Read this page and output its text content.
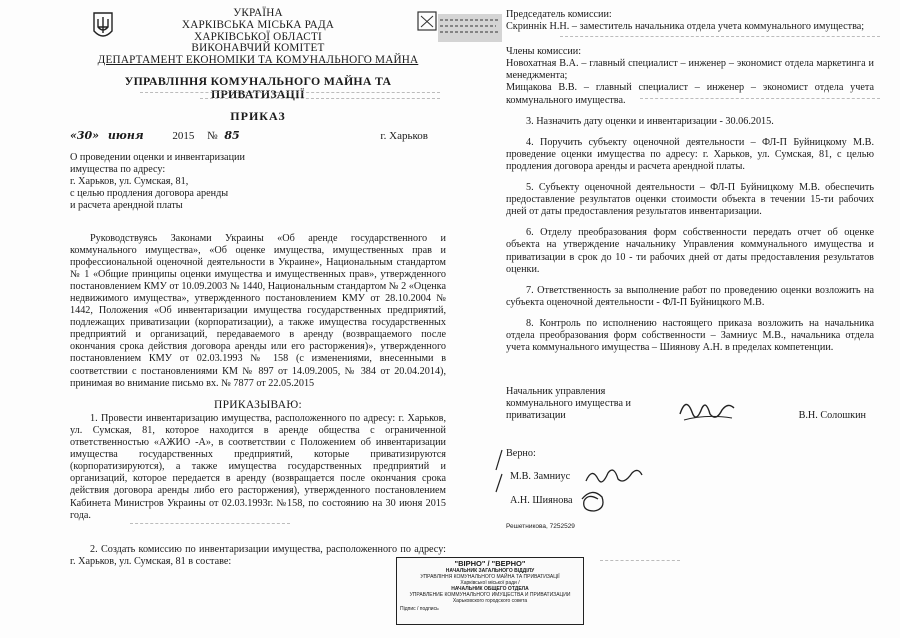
УКРАЇНА
ХАРКІВСЬКА МІСЬКА РАДА
ХАРКІВСЬКОЇ ОБЛАСТІ
ВИКОНАВЧИЙ КОМІТЕТ
ДЕПАРТАМЕНТ ЕКОНОМІКИ ТА КОМУНАЛЬНОГО МАЙНА
УПРАВЛІННЯ КОМУНАЛЬНОГО МАЙНА ТА
ПРИВАТИЗАЦІЇ
ПРИКАЗ
«30» июня	2015 № 85	г. Харьков
О проведении оценки и инвентаризации
имущества по адресу:
г. Харьков, ул. Сумская, 81,
с целью продления договора аренды
и расчета арендной платы
Руководствуясь Законами Украины «Об аренде государственного и коммунального имущества», «Об оценке имущества, имущественных прав и профессиональной оценочной деятельности в Украине», Национальным стандартом № 1 «Общие принципы оценки имущества и имущественных прав», утвержденного постановлением КМУ от 10.09.2003 № 1440, Национальным стандартом № 2 «Оценка недвижимого имущества», утвержденного постановлением КМУ от 28.10.2004 № 1442, Положения «Об инвентаризации имущества государственных предприятий, подлежащих приватизации (корпоратизации), а также имущества государственных предприятий и организаций, передаваемого в аренду (возвращаемого после окончания срока действия договора аренды или его расторжения)», утвержденного постановлением КМУ от 02.03.1993 № 158 (с изменениями, внесенными в соответствии с постановлениями КМ № 897 от 14.09.2005, № 384 от 20.04.2014), принимая во внимание письмо вх. № 7877 от 22.05.2015
ПРИКАЗЫВАЮ:
1. Провести инвентаризацию имущества, расположенного по адресу: г. Харьков, ул. Сумская, 81, которое находится в аренде общества с ограниченной ответственностью «АЖИО -А», в соответствии с Положением об инвентаризации имущества государственных предприятий, которые приватизируются (корпоратизируются), а также имущества государственных предприятий и организаций, которое передается в аренду (возвращается после окончания срока действия договора аренды либо его расторжения), утвержденного постановлением Кабинета Министров Украины от 02.03.1993г. №158, по состоянию на 30 июня 2015 года.
2. Создать комиссию по инвентаризации имущества, расположенного по адресу: г. Харьков, ул. Сумская, 81 в составе:
Председатель комиссии:
Скриннік Н.Н. – заместитель начальника отдела учета коммунального имущества;
Члены комиссии:
Новохатная В.А. – главный специалист – инженер – экономист отдела маркетинга и менеджмента;
Мищакова В.В. – главный специалист – инженер – экономист отдела учета коммунального имущества.
3. Назначить дату оценки и инвентаризации - 30.06.2015.
4. Поручить субъекту оценочной деятельности – ФЛ-П Буйницкому М.В. проведение оценки имущества по адресу: г. Харьков, ул. Сумская, 81, с целью продления договора аренды и расчета арендной платы.
5. Субъекту оценочной деятельности – ФЛ-П Буйницкому М.В. обеспечить предоставление результатов оценки стоимости объекта в течении 15-ти рабочих дней от даты предоставления результатов инвентаризации.
6. Отделу преобразования форм собственности передать отчет об оценке объекта на утверждение начальнику Управления коммунального имущества и приватизации в срок до 10 - ти рабочих дней от даты предоставления результатов оценки.
7. Ответственность за выполнение работ по проведению оценки возложить на субъекта оценочной деятельности - ФЛ-П Буйницкого М.В.
8. Контроль по исполнению настоящего приказа возложить на начальника отдела преобразования форм собственности – Замниус М.В., начальника отдела учета коммунального имущества – Шиянову А.Н. в пределах компетенции.
Начальник управления
коммунального имущества и
приватизации	В.Н. Солошкин
Верно:
М.В. Замниус
А.Н. Шиянова
Решетникова, 7252529
"ВІРНО" / "ВЕРНО"
НАЧАЛЬНИК ЗАГАЛЬНОГО ВІДДІЛУ
УПРАВЛІННЯ КОМУНАЛЬНОГО МАЙНА ТА ПРИВАТИЗАЦІЇ
Харківської міської ради /
НАЧАЛЬНИК ОБЩЕГО ОТДЕЛА
УПРАВЛЕНИЕ КОММУНАЛЬНОГО ИМУЩЕСТВА И ПРИВАТИЗАЦИИ
Харьковского городского совета
Підпис / подпись
